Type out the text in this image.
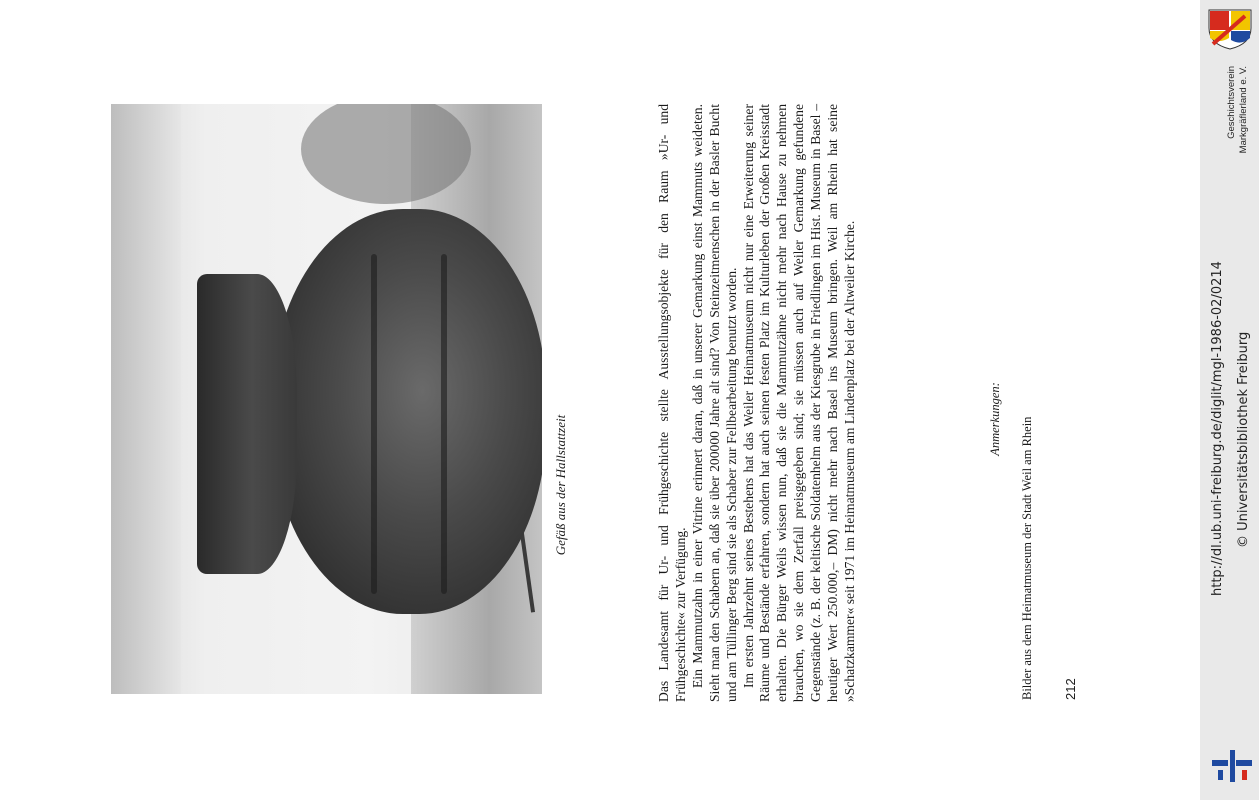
Gefäß aus der Hallstattzeit	Das Landesamt für Ur- und Frühgeschichte stellte Ausstellungsobjekte für den Raum »Ur- und Frühgeschichte« zur Verfügung. Ein Mammutzahn in einer Vitrine erinnert daran, daß in unserer Gemarkung einst Mammuts weideten. Sieht man den Schabern an, daß sie über 200000 Jahre alt sind? Von Steinzeitmenschen in der Basler Bucht und am Tüllinger Berg sind sie als Schaber zur Fellbearbeitung benutzt worden. Im ersten Jahrzehnt seines Bestehens hat das Weiler Heimatmuseum nicht nur eine Erweiterung seiner Räume und Bestände erfahren, sondern hat auch seinen festen Platz im Kulturleben der Großen Kreisstadt erhalten. Die Bürger Weils wissen nun, daß sie die Mammutzähne nicht mehr nach Hause zu nehmen brauchen, wo sie dem Zerfall preisgegeben sind; sie müssen auch auf Weiler Gemarkung gefundene Gegenstände (z. B. der keltische Soldatenhelm aus der Kiesgrube in Friedlingen im Hist. Museum in Basel – heutiger Wert 250.000,– DM) nicht mehr nach Basel ins Museum bringen. Weil am Rhein hat seine »Schatzkammer« seit 1971 im Heimatmuseum am Lindenplatz bei der Altweiler Kirche.	Anmerkungen: Bilder aus dem Heimatmuseum der Stadt Weil am Rhein 212
Geschichtsverein Markgräflerland e. V.
http://dl.ub.uni-freiburg.de/diglit/mgl-1986-02/0214 © Universitätsbibliothek Freiburg
